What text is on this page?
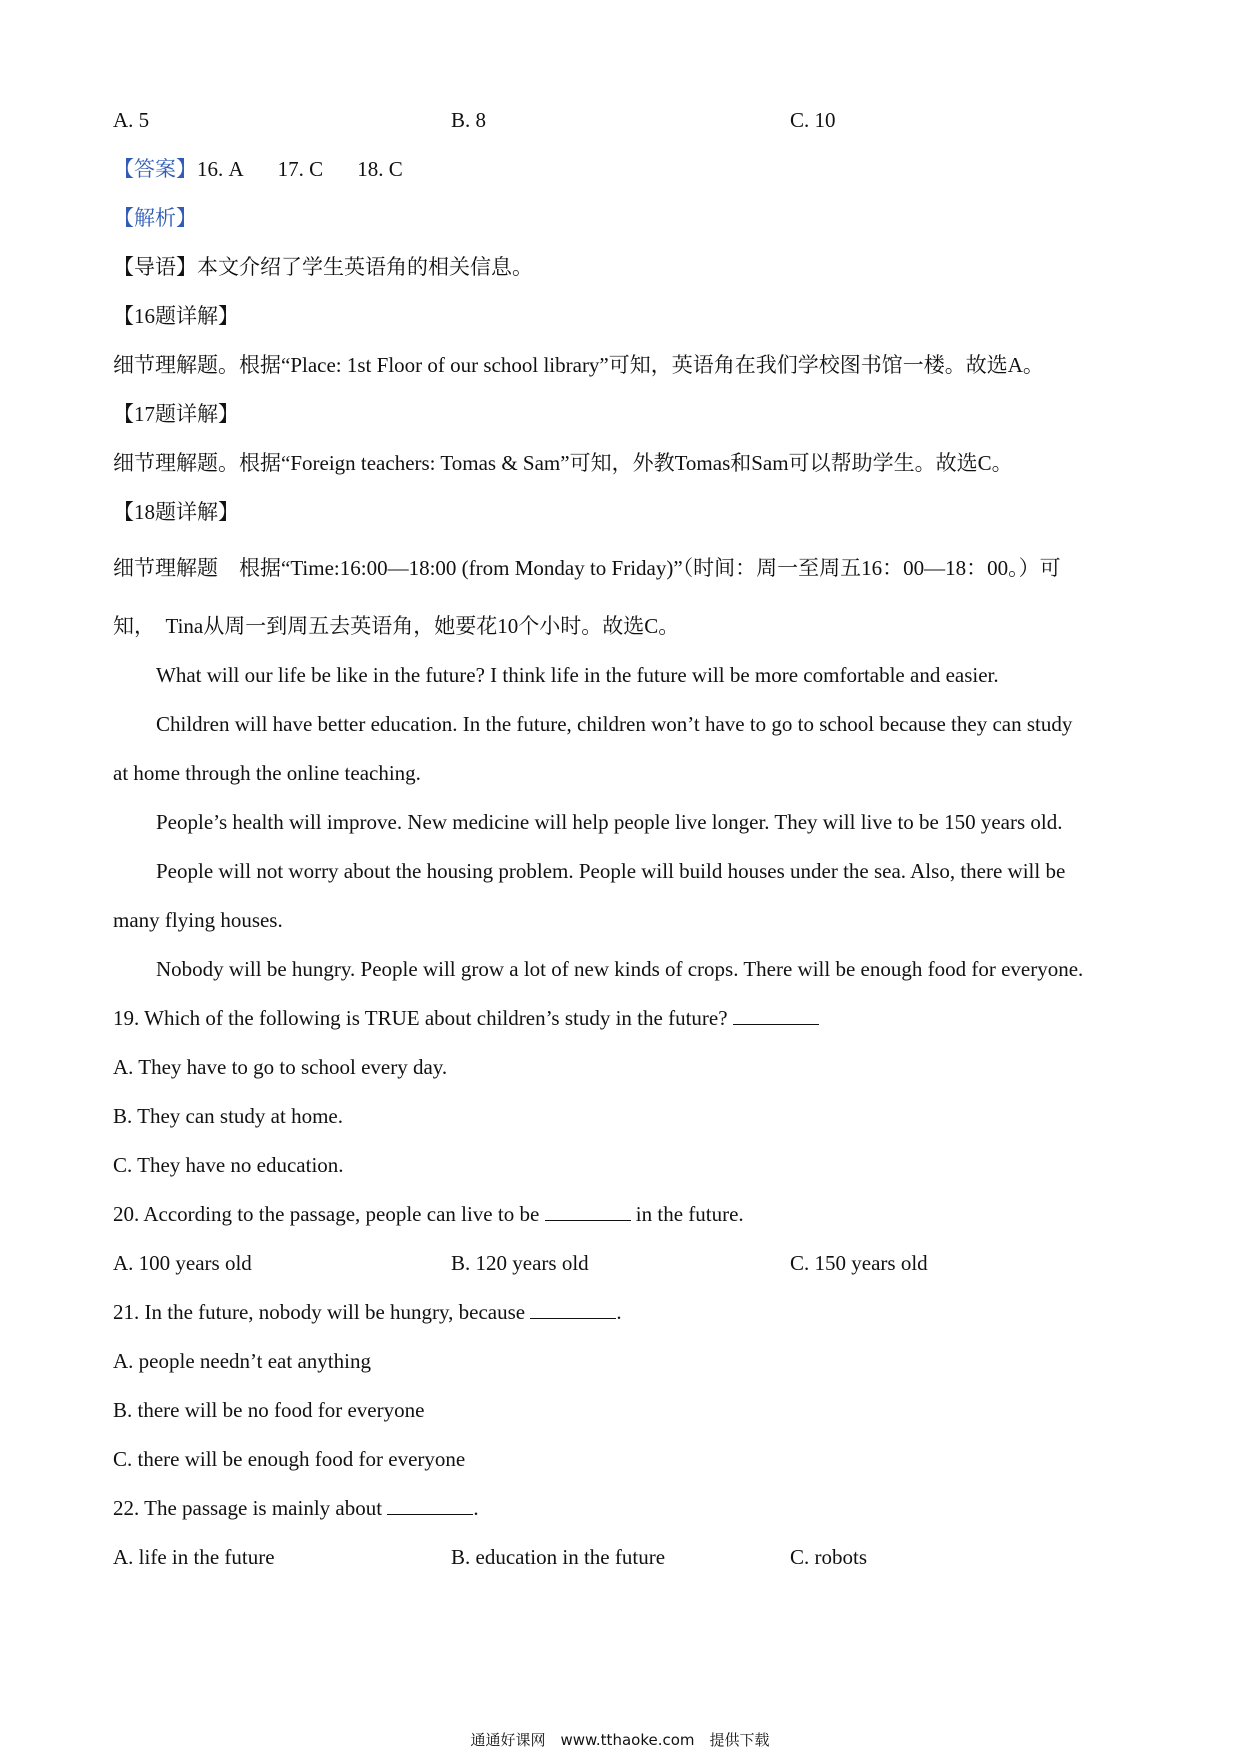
A. 5	B. 8	C. 10
【答案】16. A 17. C 18. C
【解析】
【导语】本文介绍了学生英语角的相关信息。
【16题详解】
细节理解题。根据“Place: 1st Floor of our school library”可知，英语角在我们学校图书馆一楼。故选A。
【17题详解】
细节理解题。根据“Foreign teachers: Tomas & Sam”可知，外教Tomas和Sam可以帮助学生。故选C。
【18题详解】
细节理解题　根据“Time:16:00—18:00 (from Monday to Friday)”（时间：周一至周五16：00—18：00。）可
知，　Tina从周一到周五去英语角，她要花10个小时。故选C。
What will our life be like in the future? I think life in the future will be more comfortable and easier.
Children will have better education. In the future, children won’t have to go to school because they can study
at home through the online teaching.
People’s health will improve. New medicine will help people live longer. They will live to be 150 years old.
People will not worry about the housing problem. People will build houses under the sea. Also, there will be
many flying houses.
Nobody will be hungry. People will grow a lot of new kinds of crops. There will be enough food for everyone.
19. Which of the following is TRUE about children’s study in the future?
A. They have to go to school every day.
B. They can study at home.
C. They have no education.
20. According to the passage, people can live to be	in the future.
A. 100 years old	B. 120 years old	C. 150 years old
21. In the future, nobody will be hungry, because	.
A. people needn’t eat anything
B. there will be no food for everyone
C. there will be enough food for everyone
22. The passage is mainly about	.
A. life in the future	B. education in the future	C. robots
通通好课网　www.tthaoke.com　提供下载
